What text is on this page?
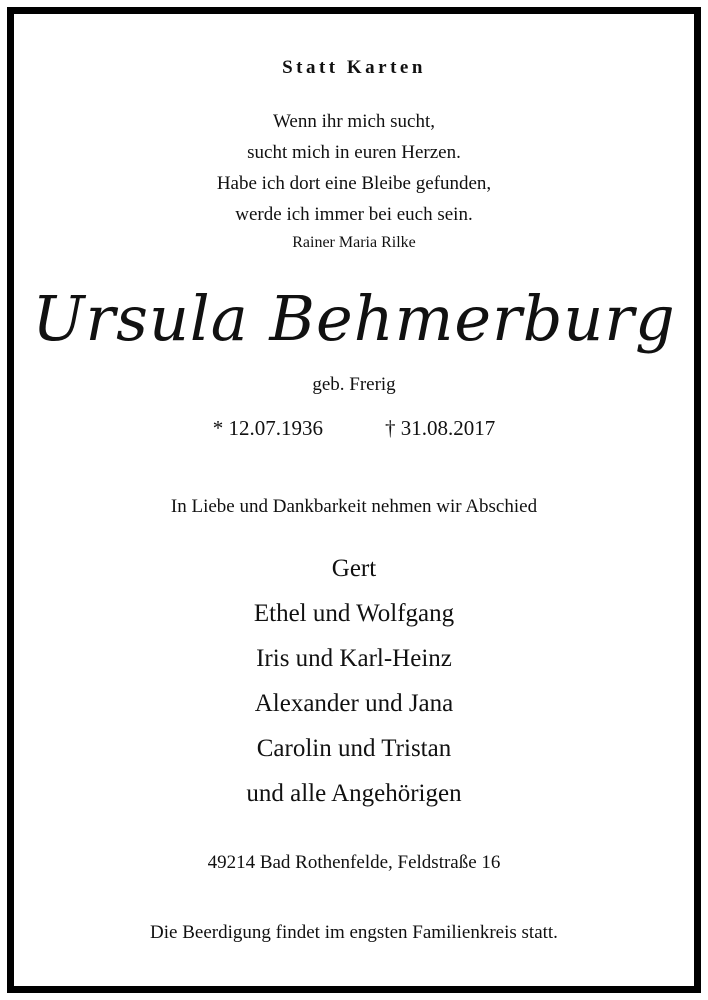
Statt Karten
Wenn ihr mich sucht,
sucht mich in euren Herzen.
Habe ich dort eine Bleibe gefunden,
werde ich immer bei euch sein.
Rainer Maria Rilke
Ursula Behmerburg
geb. Frerig
* 12.07.1936	† 31.08.2017
In Liebe und Dankbarkeit nehmen wir Abschied
Gert
Ethel und Wolfgang
Iris und Karl-Heinz
Alexander und Jana
Carolin und Tristan
und alle Angehörigen
49214 Bad Rothenfelde, Feldstraße 16
Die Beerdigung findet im engsten Familienkreis statt.
